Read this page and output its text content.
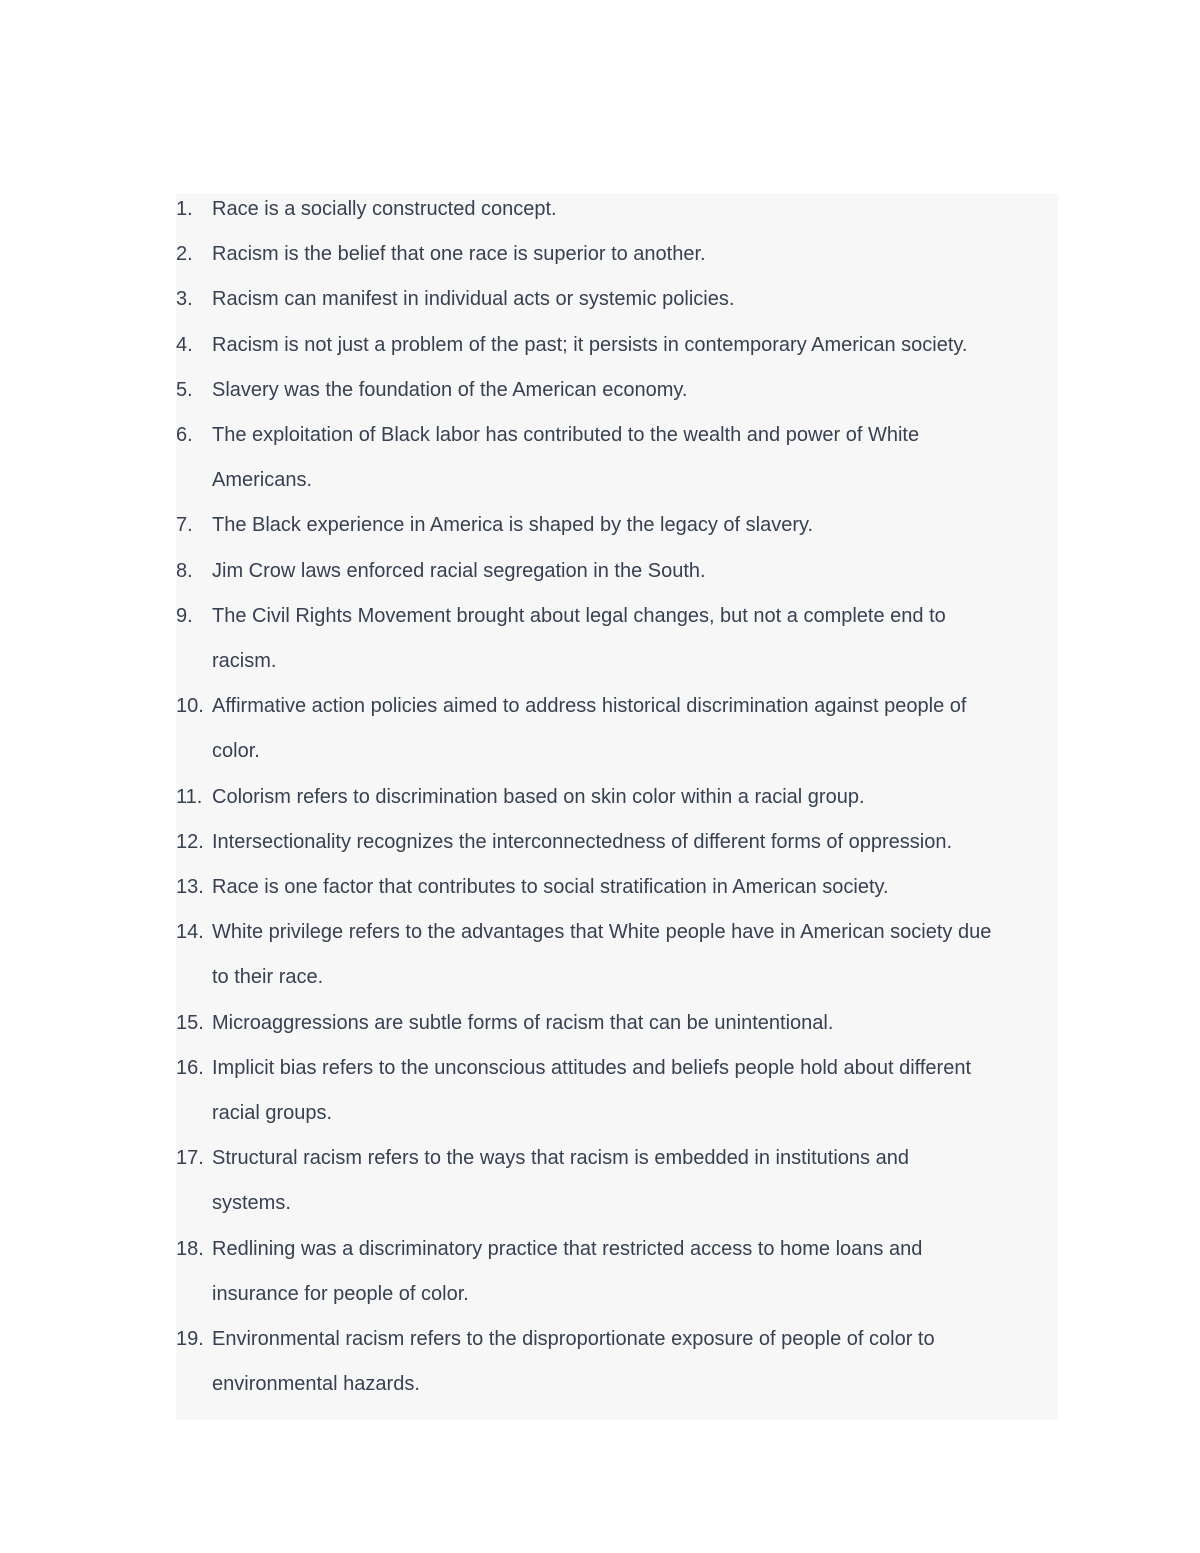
1. Race is a socially constructed concept.
2. Racism is the belief that one race is superior to another.
3. Racism can manifest in individual acts or systemic policies.
4. Racism is not just a problem of the past; it persists in contemporary American society.
5. Slavery was the foundation of the American economy.
6. The exploitation of Black labor has contributed to the wealth and power of White
Americans.
7. The Black experience in America is shaped by the legacy of slavery.
8. Jim Crow laws enforced racial segregation in the South.
9. The Civil Rights Movement brought about legal changes, but not a complete end to
racism.
10. Affirmative action policies aimed to address historical discrimination against people of
color.
11. Colorism refers to discrimination based on skin color within a racial group.
12. Intersectionality recognizes the interconnectedness of different forms of oppression.
13. Race is one factor that contributes to social stratification in American society.
14. White privilege refers to the advantages that White people have in American society due
to their race.
15. Microaggressions are subtle forms of racism that can be unintentional.
16. Implicit bias refers to the unconscious attitudes and beliefs people hold about different
racial groups.
17. Structural racism refers to the ways that racism is embedded in institutions and
systems.
18. Redlining was a discriminatory practice that restricted access to home loans and
insurance for people of color.
19. Environmental racism refers to the disproportionate exposure of people of color to
environmental hazards.
